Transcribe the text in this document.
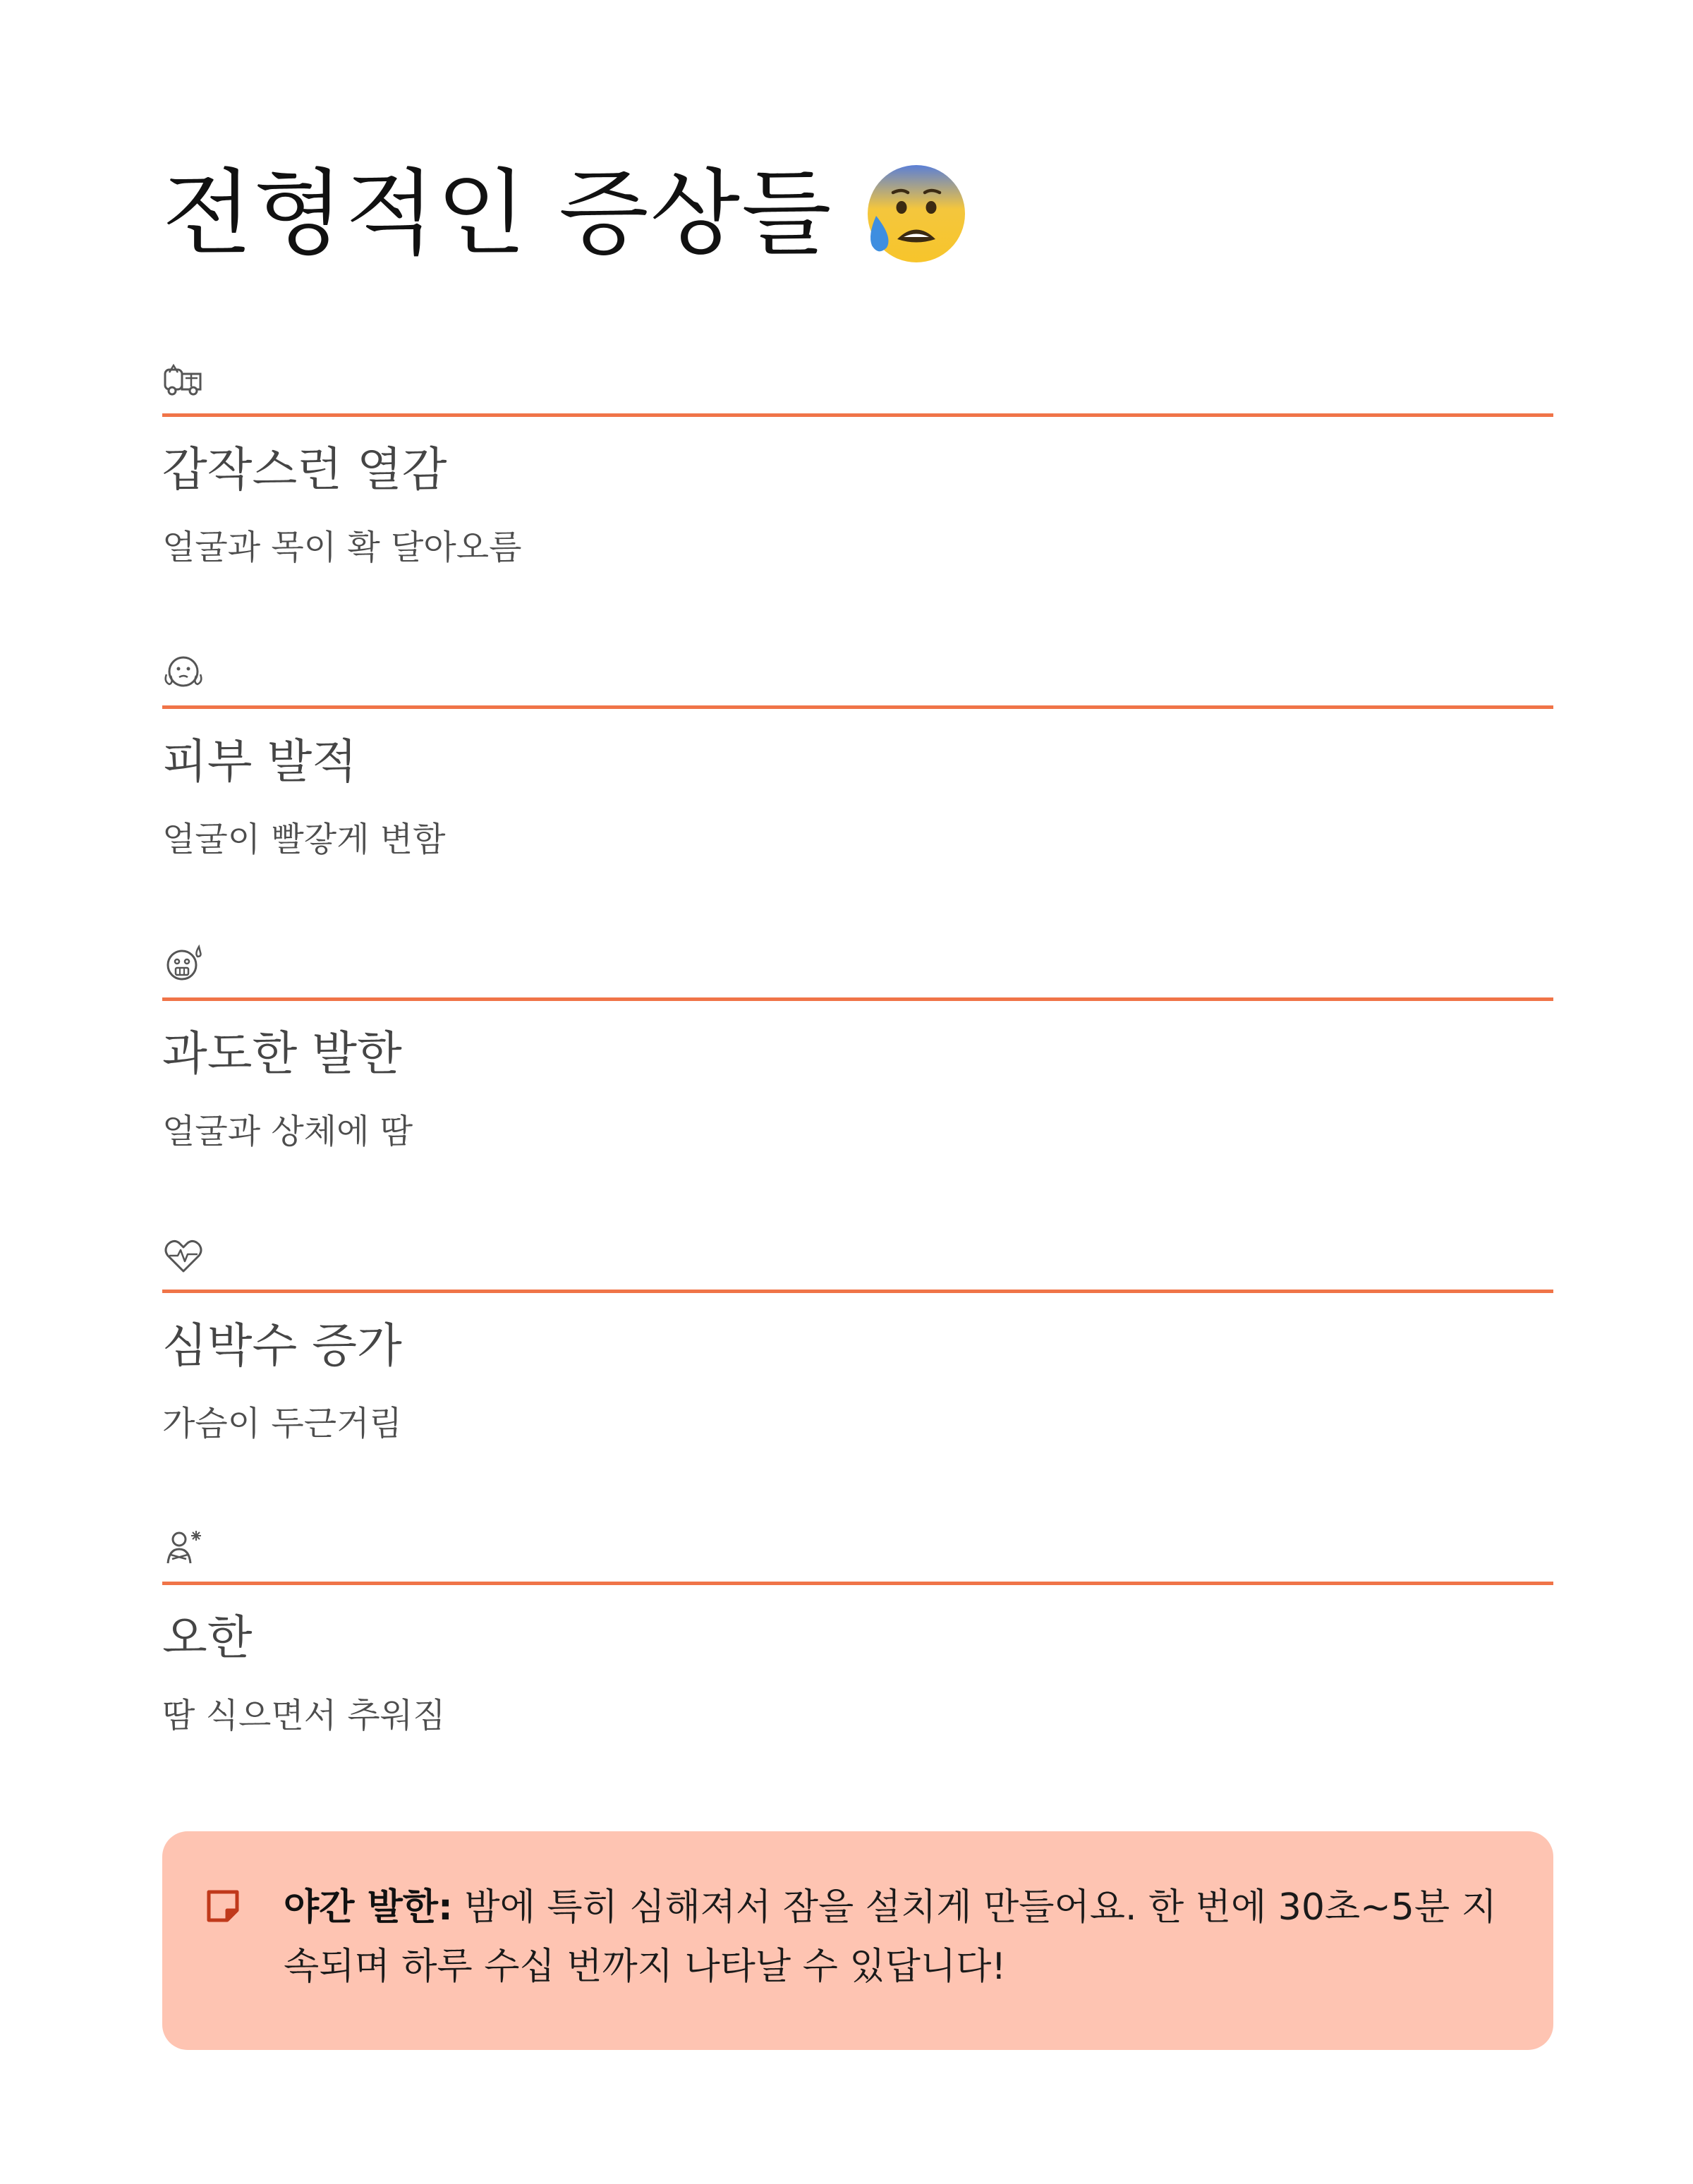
전형적인 증상들
갑작스런 열감
얼굴과 목이 확 달아오름
피부 발적
얼굴이 빨갛게 변함
과도한 발한
얼굴과 상체에 땀
심박수 증가
가슴이 두근거림
오한
땀 식으면서 추워짐
야간 발한: 밤에 특히 심해져서 잠을 설치게 만들어요. 한 번에 30초~5분 지속되며 하루 수십 번까지 나타날 수 있답니다!
